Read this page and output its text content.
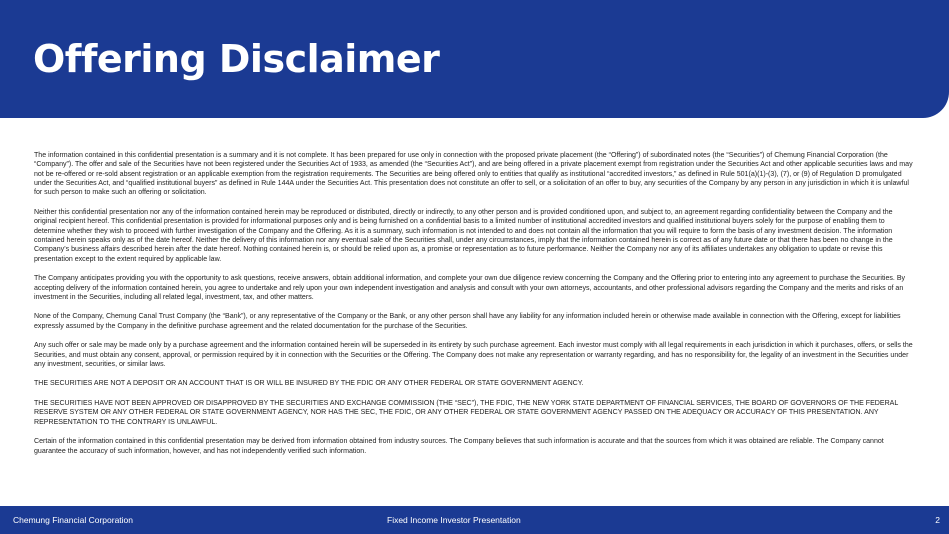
Offering Disclaimer

The information contained in this confidential presentation is a summary and it is not complete. It has been prepared for use only in connection with the proposed private placement (the “Offering”) of subordinated notes (the “Securities”) of Chemung Financial Corporation (the “Company”). The offer and sale of the Securities have not been registered under the Securities Act of 1933, as amended (the “Securities Act”), and are being offered in a private placement exempt from registration under the Securities Act and other applicable securities laws and may not be re-offered or re-sold absent registration or an applicable exemption from the registration requirements. The Securities are being offered only to entities that qualify as institutional “accredited investors,” as defined in Rule 501(a)(1)-(3), (7), or (9) of Regulation D promulgated under the Securities Act, and “qualified institutional buyers” as defined in Rule 144A under the Securities Act. This presentation does not constitute an offer to sell, or a solicitation of an offer to buy, any securities of the Company by any person in any jurisdiction in which it is unlawful for such person to make such an offering or solicitation.

Neither this confidential presentation nor any of the information contained herein may be reproduced or distributed, directly or indirectly, to any other person and is provided conditioned upon, and subject to, an agreement regarding confidentiality between the Company and the original recipient hereof. This confidential presentation is provided for informational purposes only and is being furnished on a confidential basis to a limited number of institutional accredited investors and qualified institutional buyers solely for the purpose of enabling them to determine whether they wish to proceed with further investigation of the Company and the Offering. As it is a summary, such information is not intended to and does not contain all the information that you will require to form the basis of any investment decision. The information contained herein speaks only as of the date hereof. Neither the delivery of this information nor any eventual sale of the Securities shall, under any circumstances, imply that the information contained herein is correct as of any future date or that there has been no change in the Company’s business affairs described herein after the date hereof. Nothing contained herein is, or should be relied upon as, a promise or representation as to future performance. Neither the Company nor any of its affiliates undertakes any obligation to update or revise this presentation except to the extent required by applicable law.

The Company anticipates providing you with the opportunity to ask questions, receive answers, obtain additional information, and complete your own due diligence review concerning the Company and the Offering prior to entering into any agreement to purchase the Securities. By accepting delivery of the information contained herein, you agree to undertake and rely upon your own independent investigation and analysis and consult with your own attorneys, accountants, and other professional advisors regarding the Company and the merits and risks of an investment in the Securities, including all related legal, investment, tax, and other matters.

None of the Company, Chemung Canal Trust Company (the “Bank”), or any representative of the Company or the Bank, or any other person shall have any liability for any information included herein or otherwise made available in connection with the Offering, except for liabilities expressly assumed by the Company in the definitive purchase agreement and the related documentation for the purchase of the Securities.

Any such offer or sale may be made only by a purchase agreement and the information contained herein will be superseded in its entirety by such purchase agreement. Each investor must comply with all legal requirements in each jurisdiction in which it purchases, offers, or sells the Securities, and must obtain any consent, approval, or permission required by it in connection with the Securities or the Offering. The Company does not make any representation or warranty regarding, and has no responsibility for, the legality of an investment in the Securities under any investment, securities, or similar laws.

THE SECURITIES ARE NOT A DEPOSIT OR AN ACCOUNT THAT IS OR WILL BE INSURED BY THE FDIC OR ANY OTHER FEDERAL OR STATE GOVERNMENT AGENCY.

THE SECURITIES HAVE NOT BEEN APPROVED OR DISAPPROVED BY THE SECURITIES AND EXCHANGE COMMISSION (THE “SEC”), THE FDIC, THE NEW YORK STATE DEPARTMENT OF FINANCIAL SERVICES, THE BOARD OF GOVERNORS OF THE FEDERAL RESERVE SYSTEM OR ANY OTHER FEDERAL OR STATE GOVERNMENT AGENCY, NOR HAS THE SEC, THE FDIC, OR ANY OTHER FEDERAL OR STATE GOVERNMENT AGENCY PASSED ON THE ADEQUACY OR ACCURACY OF THIS PRESENTATION. ANY REPRESENTATION TO THE CONTRARY IS UNLAWFUL.

Certain of the information contained in this confidential presentation may be derived from information obtained from industry sources. The Company believes that such information is accurate and that the sources from which it was obtained are reliable. The Company cannot guarantee the accuracy of such information, however, and has not independently verified such information.

Chemung Financial Corporation	Fixed Income Investor Presentation	2
